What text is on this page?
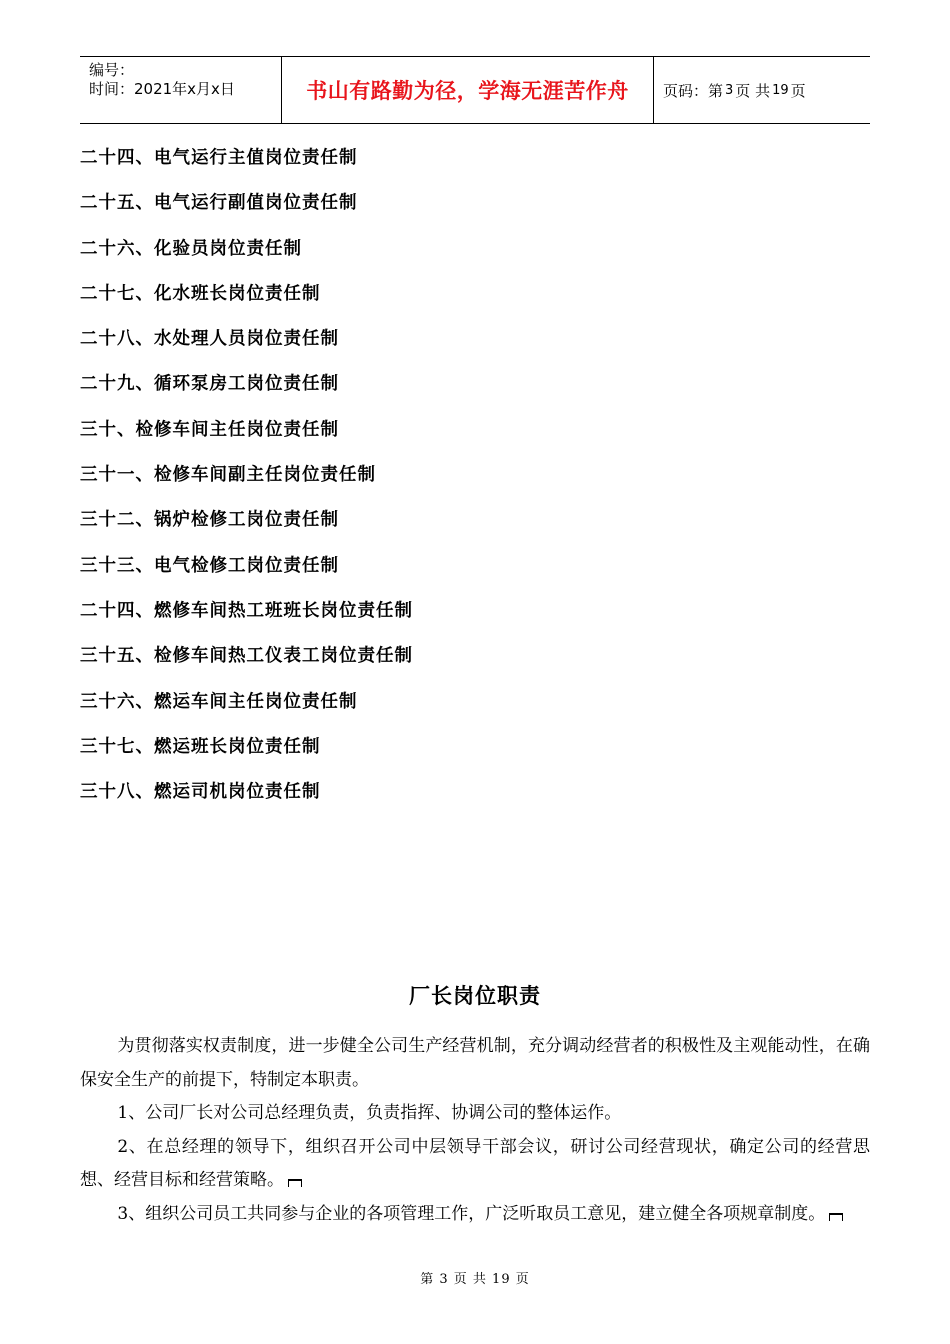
编号：
时间：2021年x月x日	书山有路勤为径，学海无涯苦作舟	页码：第 3 页 共 19 页
二十四、电气运行主值岗位责任制
二十五、电气运行副值岗位责任制
二十六、化验员岗位责任制
二十七、化水班长岗位责任制
二十八、水处理人员岗位责任制
二十九、循环泵房工岗位责任制
三十、检修车间主任岗位责任制
三十一、检修车间副主任岗位责任制
三十二、锅炉检修工岗位责任制
三十三、电气检修工岗位责任制
二十四、燃修车间热工班班长岗位责任制
三十五、检修车间热工仪表工岗位责任制
三十六、燃运车间主任岗位责任制
三十七、燃运班长岗位责任制
三十八、燃运司机岗位责任制
厂长岗位职责

为贯彻落实权责制度，进一步健全公司生产经营机制，充分调动经营者的积极性及主观能动性，在确保安全生产的前提下，特制定本职责。

1、公司厂长对公司总经理负责，负责指挥、协调公司的整体运作。

2、在总经理的领导下，组织召开公司中层领导干部会议，研讨公司经营现状，确定公司的经营思想、经营目标和经营策略。

3、组织公司员工共同参与企业的各项管理工作，广泛听取员工意见，建立健全各项规章制度。

第 3 页 共 19 页
